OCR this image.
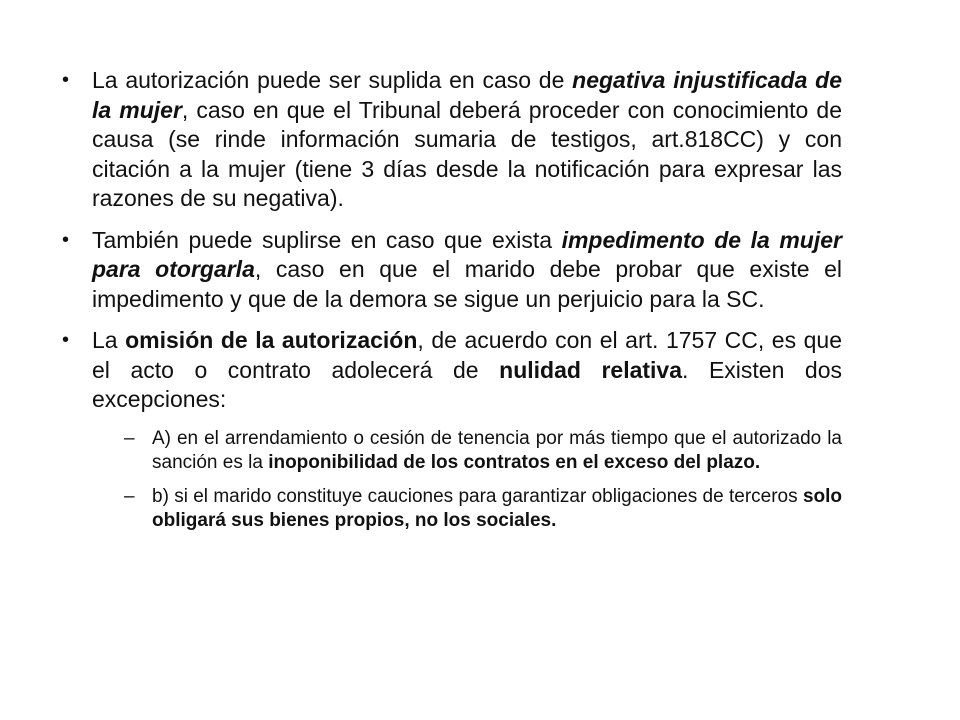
• La autorización puede ser suplida en caso de negativa injustificada de la mujer, caso en que el Tribunal deberá proceder con conocimiento de causa (se rinde información sumaria de testigos, art.818CC) y con citación a la mujer (tiene 3 días desde la notificación para expresar las razones de su negativa).
• También puede suplirse en caso que exista impedimento de la mujer para otorgarla, caso en que el marido debe probar que existe el impedimento y que de la demora se sigue un perjuicio para la SC.
• La omisión de la autorización, de acuerdo con el art. 1757 CC, es que el acto o contrato adolecerá de nulidad relativa. Existen dos excepciones:
– A) en el arrendamiento o cesión de tenencia por más tiempo que el autorizado la sanción es la inoponibilidad de los contratos en el exceso del plazo.
– b) si el marido constituye cauciones para garantizar obligaciones de terceros solo obligará sus bienes propios, no los sociales.
